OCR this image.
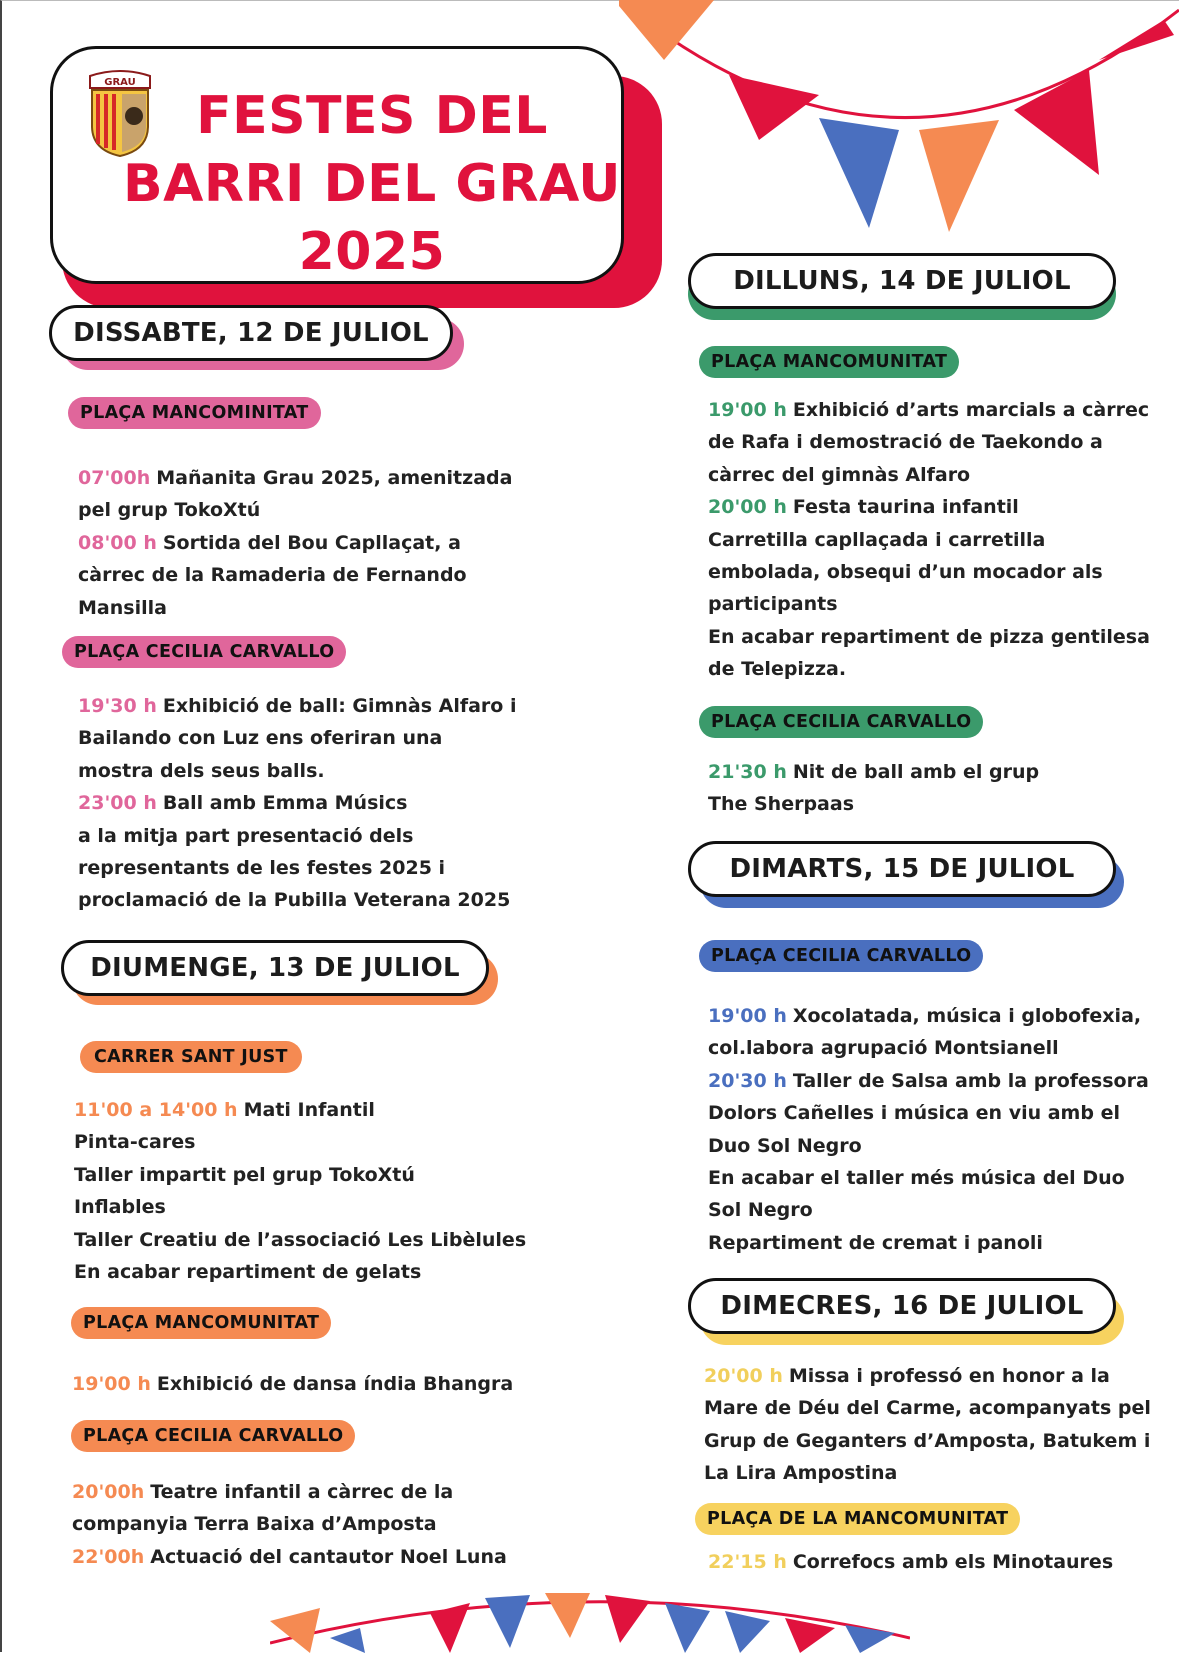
FESTES DEL
BARRI DEL GRAU
2025
GRAU
DISSABTE, 12 DE JULIOL
PLAÇA MANCOMINITAT
07'00h Mañanita Grau 2025, amenitzada
pel grup TokoXtú
08'00 h Sortida del Bou Capllaçat, a
càrrec de la Ramaderia de Fernando
Mansilla
PLAÇA CECILIA CARVALLO
19'30 h Exhibició de ball: Gimnàs Alfaro i
Bailando con Luz ens oferiran una
mostra dels seus balls.
23'00 h Ball amb Emma Músics
a la mitja part presentació dels
representants de les festes 2025 i
proclamació de la Pubilla Veterana 2025
DIUMENGE, 13 DE JULIOL
CARRER SANT JUST
11'00 a 14'00 h Mati Infantil
Pinta-cares
Taller impartit pel grup TokoXtú
Inflables
Taller Creatiu de l’associació Les Libèlules
En acabar repartiment de gelats
PLAÇA MANCOMUNITAT
19'00 h Exhibició de dansa índia Bhangra
PLAÇA CECILIA CARVALLO
20'00h Teatre infantil a càrrec de la
companyia Terra Baixa d’Amposta
22'00h Actuació del cantautor Noel Luna
DILLUNS, 14 DE JULIOL
PLAÇA MANCOMUNITAT
19'00 h Exhibició d’arts marcials a càrrec
de Rafa i demostració de Taekondo a
càrrec del gimnàs Alfaro
20'00 h Festa taurina infantil
Carretilla capllaçada i carretilla
embolada, obsequi d’un mocador als
participants
En acabar repartiment de pizza gentilesa
de Telepizza.
PLAÇA CECILIA CARVALLO
21'30 h Nit de ball amb el grup
The Sherpaas
DIMARTS, 15 DE JULIOL
PLAÇA CECILIA CARVALLO
19'00 h Xocolatada, música i globofexia,
col.labora agrupació Montsianell
20'30 h Taller de Salsa amb la professora
Dolors Cañelles i música en viu amb el
Duo Sol Negro
En acabar el taller més música del Duo
Sol Negro
Repartiment de cremat i panoli
DIMECRES, 16 DE JULIOL
20'00 h Missa i professó en honor a la
Mare de Déu del Carme, acompanyats pel
Grup de Geganters d’Amposta, Batukem i
La Lira Ampostina
PLAÇA DE LA MANCOMUNITAT
22'15 h Correfocs amb els Minotaures
